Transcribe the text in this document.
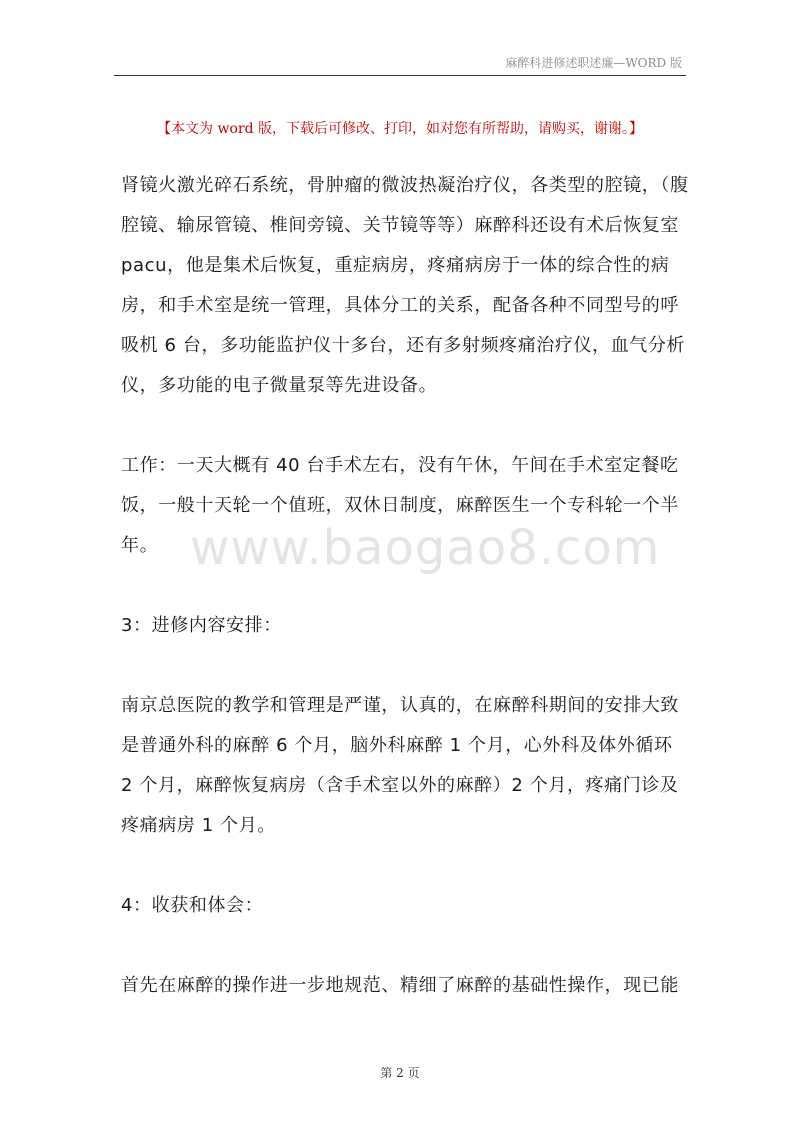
麻醉科进修述职述廉—WORD 版
【本文为 word 版，下载后可修改、打印，如对您有所帮助，请购买，谢谢。】
www.baogao8.com

肾镜火激光碎石系统，骨肿瘤的微波热凝治疗仪，各类型的腔镜，（腹腔镜、输尿管镜、椎间旁镜、关节镜等等）麻醉科还设有术后恢复室 pacu，他是集术后恢复，重症病房，疼痛病房于一体的综合性的病房，和手术室是统一管理，具体分工的关系，配备各种不同型号的呼吸机 6 台，多功能监护仪十多台，还有多射频疼痛治疗仪，血气分析仪，多功能的电子微量泵等先进设备。

工作：一天大概有 40 台手术左右，没有午休，午间在手术室定餐吃饭，一般十天轮一个值班，双休日制度，麻醉医生一个专科轮一个半年。

3：进修内容安排：

南京总医院的教学和管理是严谨，认真的，在麻醉科期间的安排大致是普通外科的麻醉 6 个月，脑外科麻醉 1 个月，心外科及体外循环 2 个月，麻醉恢复病房（含手术室以外的麻醉）2 个月，疼痛门诊及疼痛病房 1 个月。

4：收获和体会：

首先在麻醉的操作进一步地规范、精细了麻醉的基础性操作，现已能

第 2 页
